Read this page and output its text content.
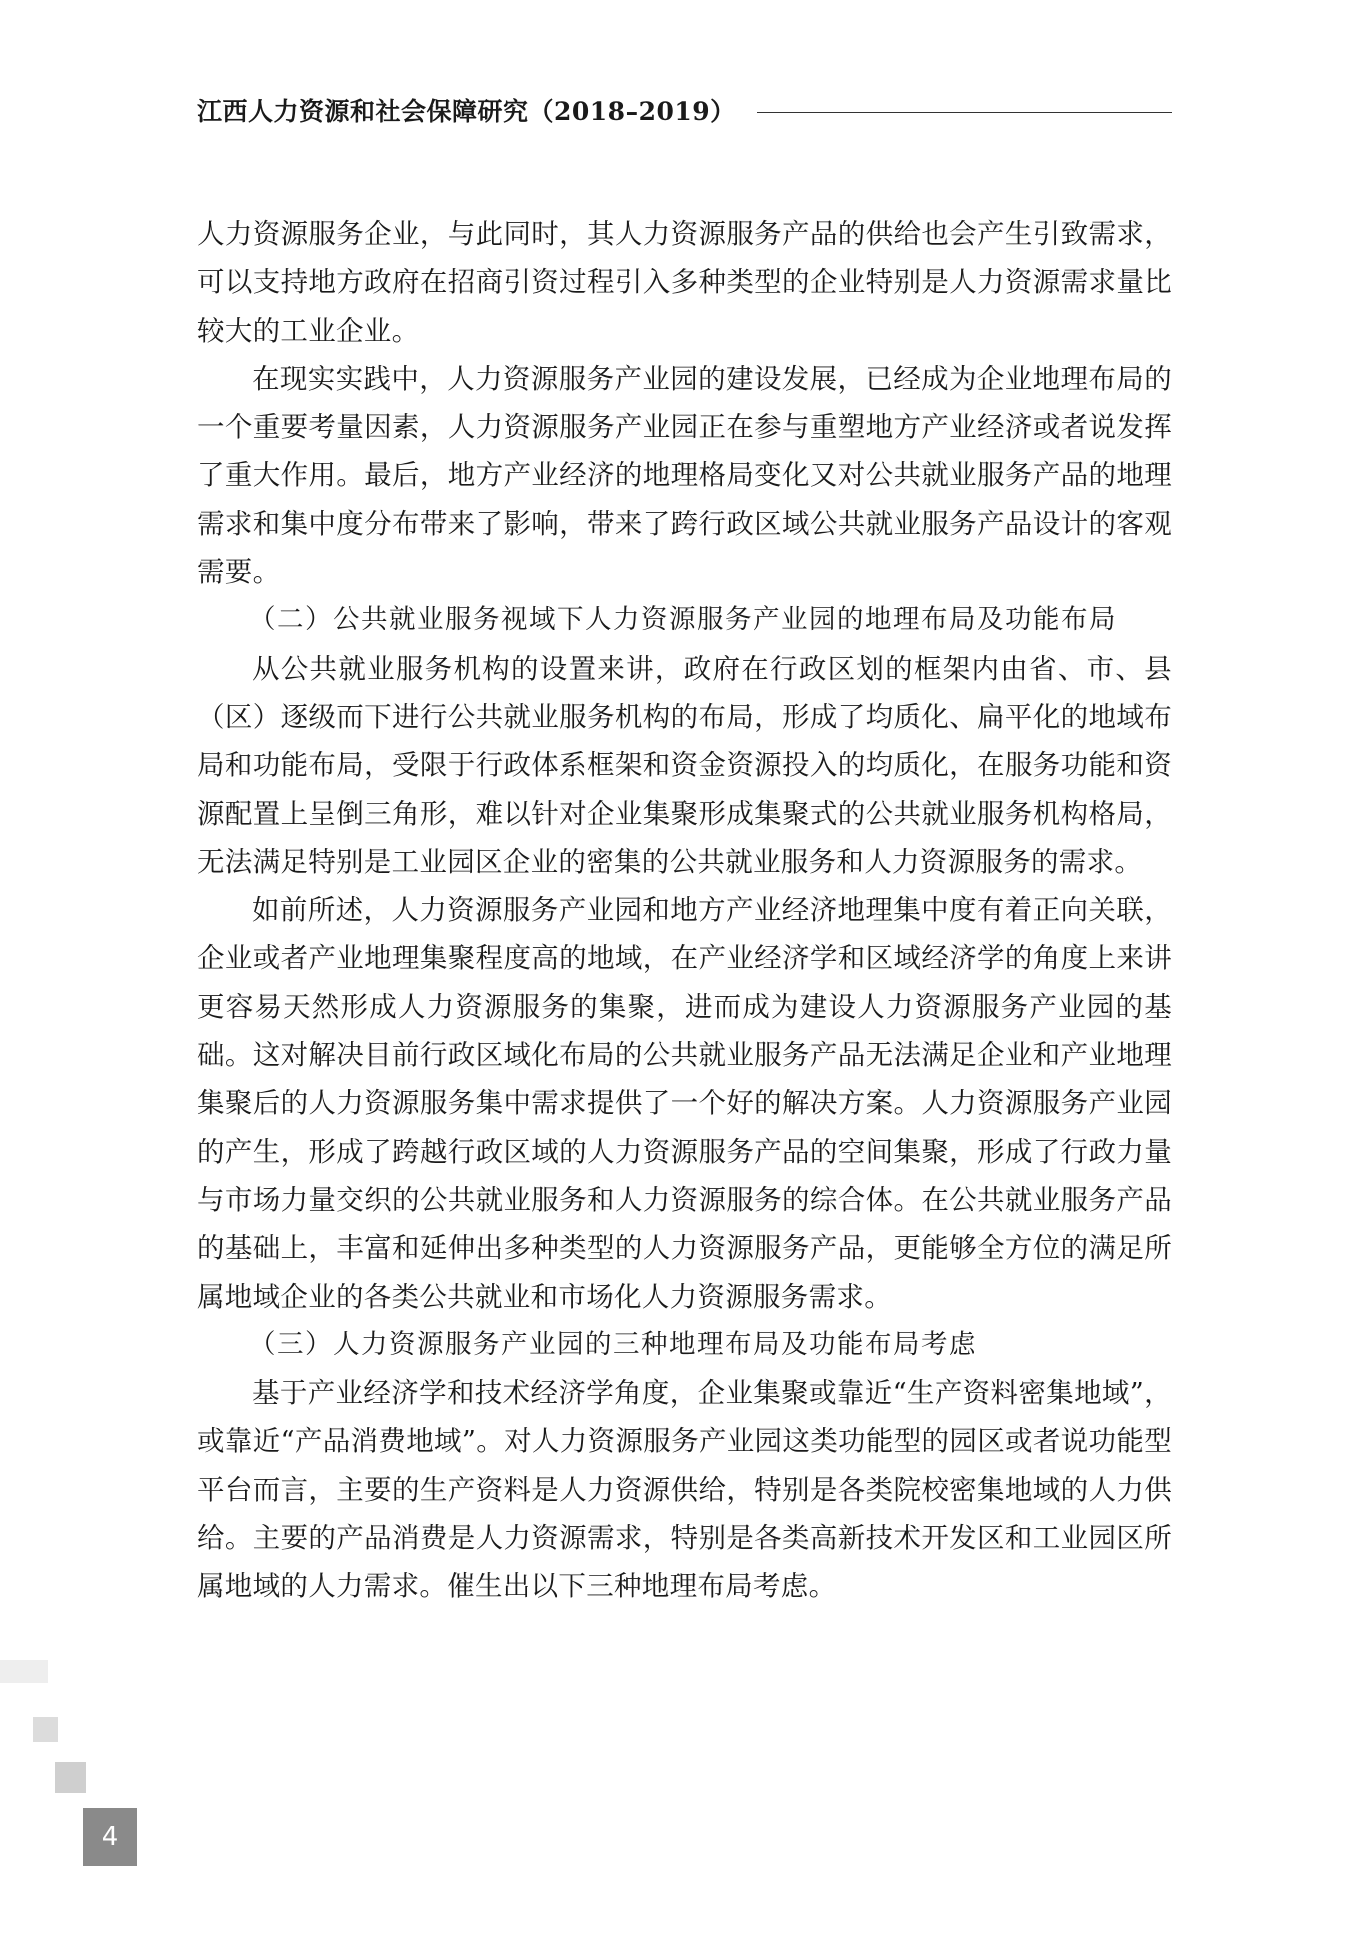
江西人力资源和社会保障研究（2018–2019）

人力资源服务企业，与此同时，其人力资源服务产品的供给也会产生引致需求，可以支持地方政府在招商引资过程引入多种类型的企业特别是人力资源需求量比较大的工业企业。

在现实实践中，人力资源服务产业园的建设发展，已经成为企业地理布局的一个重要考量因素，人力资源服务产业园正在参与重塑地方产业经济或者说发挥了重大作用。最后，地方产业经济的地理格局变化又对公共就业服务产品的地理需求和集中度分布带来了影响，带来了跨行政区域公共就业服务产品设计的客观需要。

（二）公共就业服务视域下人力资源服务产业园的地理布局及功能布局

从公共就业服务机构的设置来讲，政府在行政区划的框架内由省、市、县（区）逐级而下进行公共就业服务机构的布局，形成了均质化、扁平化的地域布局和功能布局，受限于行政体系框架和资金资源投入的均质化，在服务功能和资源配置上呈倒三角形，难以针对企业集聚形成集聚式的公共就业服务机构格局，无法满足特别是工业园区企业的密集的公共就业服务和人力资源服务的需求。

如前所述，人力资源服务产业园和地方产业经济地理集中度有着正向关联，企业或者产业地理集聚程度高的地域，在产业经济学和区域经济学的角度上来讲更容易天然形成人力资源服务的集聚，进而成为建设人力资源服务产业园的基础。这对解决目前行政区域化布局的公共就业服务产品无法满足企业和产业地理集聚后的人力资源服务集中需求提供了一个好的解决方案。人力资源服务产业园的产生，形成了跨越行政区域的人力资源服务产品的空间集聚，形成了行政力量与市场力量交织的公共就业服务和人力资源服务的综合体。在公共就业服务产品的基础上，丰富和延伸出多种类型的人力资源服务产品，更能够全方位的满足所属地域企业的各类公共就业和市场化人力资源服务需求。

（三）人力资源服务产业园的三种地理布局及功能布局考虑

基于产业经济学和技术经济学角度，企业集聚或靠近“生产资料密集地域”，或靠近“产品消费地域”。对人力资源服务产业园这类功能型的园区或者说功能型平台而言，主要的生产资料是人力资源供给，特别是各类院校密集地域的人力供给。主要的产品消费是人力资源需求，特别是各类高新技术开发区和工业园区所属地域的人力需求。催生出以下三种地理布局考虑。

4
